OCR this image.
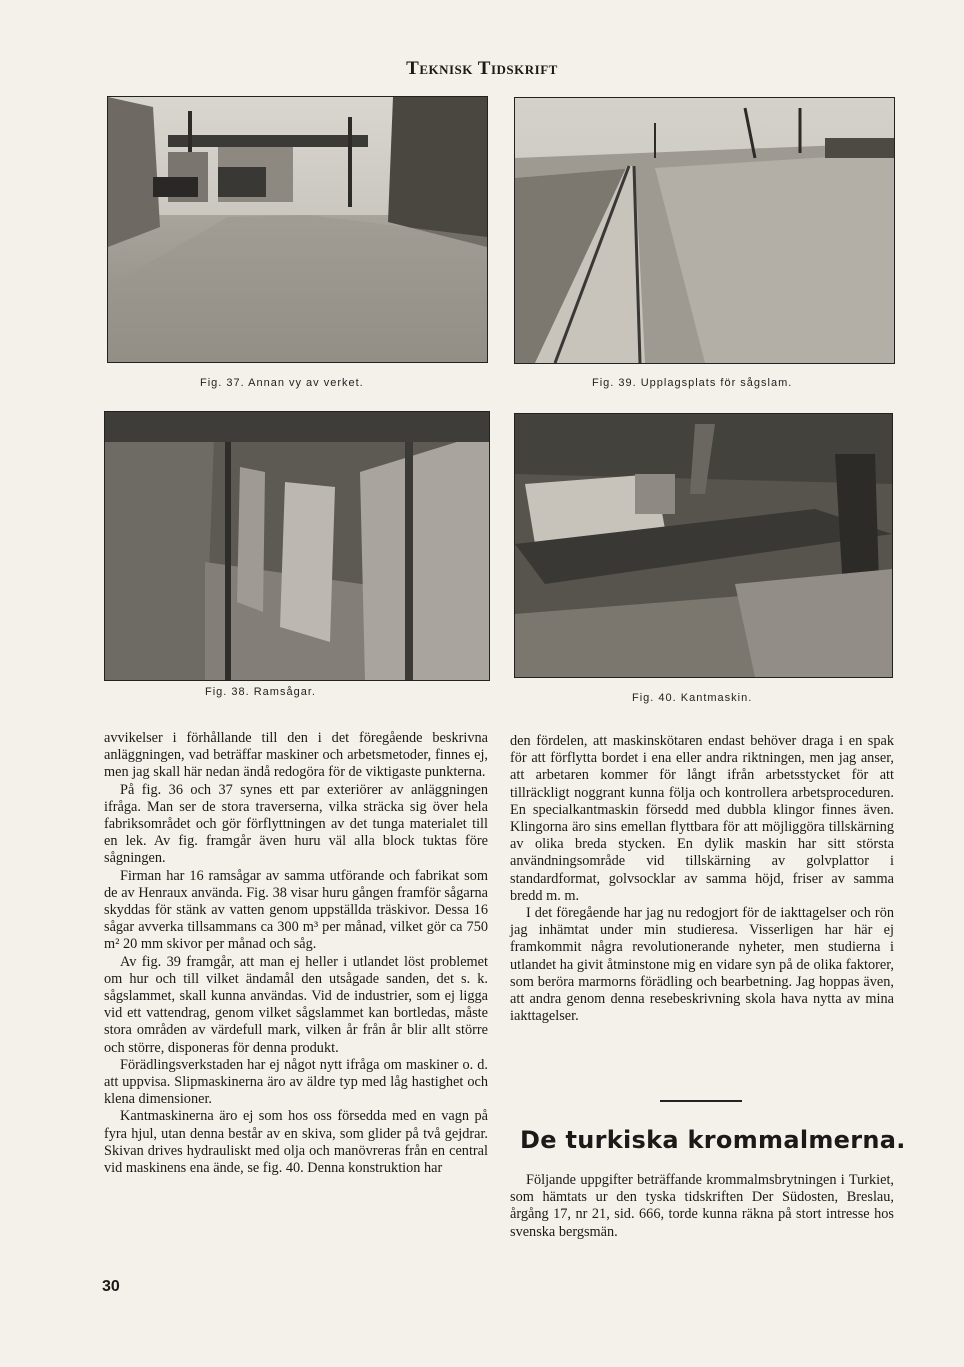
Teknisk Tidskrift
Fig. 37. Annan vy av verket.	Fig. 39. Upplagsplats för sågslam.
Fig. 38. Ramsågar.	Fig. 40. Kantmaskin.

avvikelser i förhållande till den i det föregående beskrivna anläggningen, vad beträffar maskiner och arbetsmetoder, finnes ej, men jag skall här nedan ändå redogöra för de viktigaste punkterna.

På fig. 36 och 37 synes ett par exteriörer av anläggningen ifråga. Man ser de stora traverserna, vilka sträcka sig över hela fabriksområdet och gör förflyttningen av det tunga materialet till en lek. Av fig. framgår även huru väl alla block tuktas före sågningen.

Firman har 16 ramsågar av samma utförande och fabrikat som de av Henraux använda. Fig. 38 visar huru gången framför sågarna skyddas för stänk av vatten genom uppställda träskivor. Dessa 16 sågar avverka tillsammans ca 300 m³ per månad, vilket gör ca 750 m² 20 mm skivor per månad och såg.

Av fig. 39 framgår, att man ej heller i utlandet löst problemet om hur och till vilket ändamål den utsågade sanden, det s. k. sågslammet, skall kunna användas. Vid de industrier, som ej ligga vid ett vattendrag, genom vilket sågslammet kan bortledas, måste stora områden av värdefull mark, vilken år från år blir allt större och större, disponeras för denna produkt.

Förädlingsverkstaden har ej något nytt ifråga om maskiner o. d. att uppvisa. Slipmaskinerna äro av äldre typ med låg hastighet och klena dimensioner.

Kantmaskinerna äro ej som hos oss försedda med en vagn på fyra hjul, utan denna består av en skiva, som glider på två gejdrar. Skivan drives hydrauliskt med olja och manövreras från en central vid maskinens ena ände, se fig. 40. Denna konstruktion har

den fördelen, att maskinskötaren endast behöver draga i en spak för att förflytta bordet i ena eller andra riktningen, men jag anser, att arbetaren kommer för långt ifrån arbetsstycket för att tillräckligt noggrant kunna följa och kontrollera arbetsproceduren. En specialkantmaskin försedd med dubbla klingor finnes även. Klingorna äro sins emellan flyttbara för att möjliggöra tillskärning av olika breda stycken. En dylik maskin har sitt största användningsområde vid tillskärning av golvplattor i standardformat, golvsocklar av samma höjd, friser av samma bredd m. m.

I det föregående har jag nu redogjort för de iakttagelser och rön jag inhämtat under min studieresa. Visserligen har här ej framkommit några revolutionerande nyheter, men studierna i utlandet ha givit åtminstone mig en vidare syn på de olika faktorer, som beröra marmorns förädling och bearbetning. Jag hoppas även, att andra genom denna resebeskrivning skola hava nytta av mina iakttagelser.

De turkiska krommalmerna.

Följande uppgifter beträffande krommalmsbrytningen i Turkiet, som hämtats ur den tyska tidskriften Der Südosten, Breslau, årgång 17, nr 21, sid. 666, torde kunna räkna på stort intresse hos svenska bergsmän.

30
